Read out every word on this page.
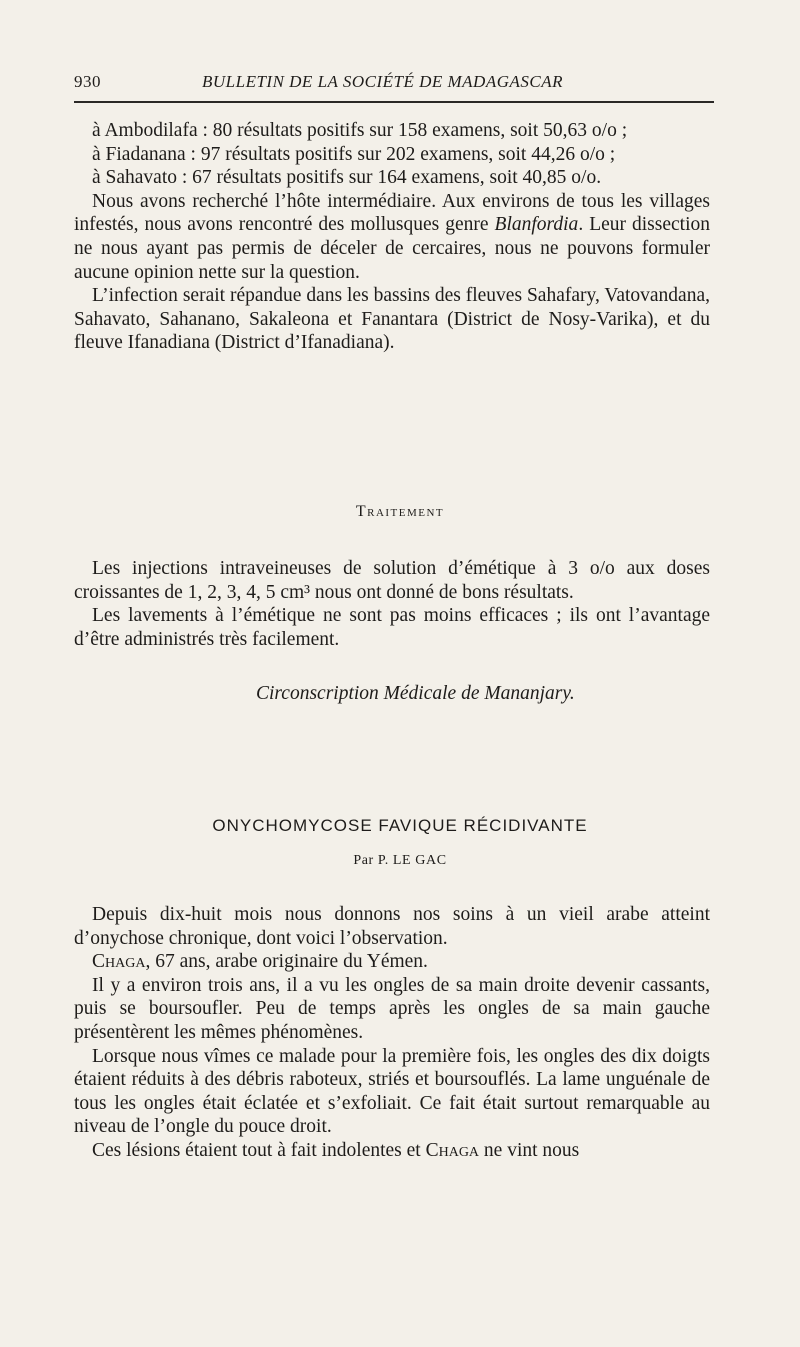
930	BULLETIN DE LA SOCIÉTÉ DE MADAGASCAR

à Ambodilafa : 80 résultats positifs sur 158 examens, soit 50,63 o/o ;

à Fiadanana : 97 résultats positifs sur 202 examens, soit 44,26 o/o ;

à Sahavato : 67 résultats positifs sur 164 examens, soit 40,85 o/o.

Nous avons recherché l’hôte intermédiaire. Aux environs de tous les villages infestés, nous avons rencontré des mollusques genre Blanfordia. Leur dissection ne nous ayant pas permis de déceler de cercaires, nous ne pouvons formuler aucune opinion nette sur la question.

L’infection serait répandue dans les bassins des fleuves Sahafary, Vatovandana, Sahavato, Sahanano, Sakaleona et Fanantara (District de Nosy-Varika), et du fleuve Ifanadiana (District d’Ifanadiana).

Traitement

Les injections intraveineuses de solution d’émétique à 3 o/o aux doses croissantes de 1, 2, 3, 4, 5 cm³ nous ont donné de bons résultats.

Les lavements à l’émétique ne sont pas moins efficaces ; ils ont l’avantage d’être administrés très facilement.

Circonscription Médicale de Mananjary.
ONYCHOMYCOSE FAVIQUE RÉCIDIVANTE
Par P. LE GAC

Depuis dix-huit mois nous donnons nos soins à un vieil arabe atteint d’onychose chronique, dont voici l’observation.

Chaga, 67 ans, arabe originaire du Yémen.

Il y a environ trois ans, il a vu les ongles de sa main droite devenir cassants, puis se boursoufler. Peu de temps après les ongles de sa main gauche présentèrent les mêmes phénomènes.

Lorsque nous vîmes ce malade pour la première fois, les ongles des dix doigts étaient réduits à des débris raboteux, striés et boursouflés. La lame unguénale de tous les ongles était éclatée et s’exfoliait. Ce fait était surtout remarquable au niveau de l’ongle du pouce droit.

Ces lésions étaient tout à fait indolentes et Chaga ne vint nous
